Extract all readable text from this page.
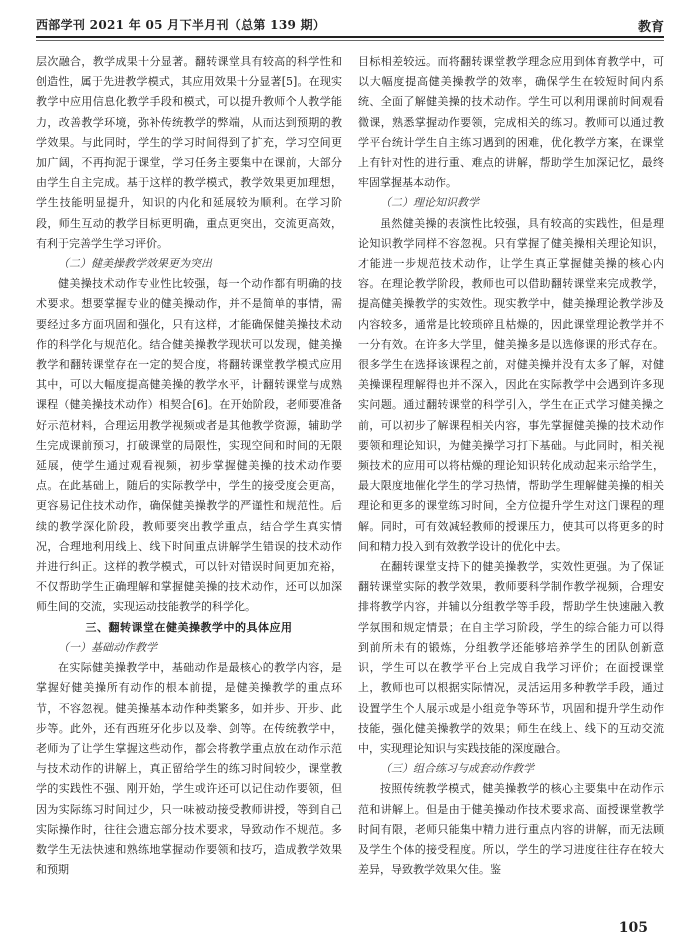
西部学刊 2021 年 05 月下半月刊（总第 139 期）	教育

层次融合，教学成果十分显著。翻转课堂具有较高的科学性和创造性，属于先进教学模式，其应用效果十分显著[5]。在现实教学中应用信息化教学手段和模式，可以提升教师个人教学能力，改善教学环境，弥补传统教学的弊端，从而达到预期的教学效果。与此同时，学生的学习时间得到了扩充，学习空间更加广阔，不再拘泥于课堂，学习任务主要集中在课前，大部分由学生自主完成。基于这样的教学模式，教学效果更加理想，学生技能明显提升，知识的内化和延展较为顺利。在学习阶段，师生互动的教学目标更明确，重点更突出，交流更高效，有利于完善学生学习评价。

（二）健美操教学效果更为突出

健美操技术动作专业性比较强，每一个动作都有明确的技术要求。想要掌握专业的健美操动作，并不是简单的事情，需要经过多方面巩固和强化，只有这样，才能确保健美操技术动作的科学化与规范化。结合健美操教学现状可以发现，健美操教学和翻转课堂存在一定的契合度，将翻转课堂教学模式应用其中，可以大幅度提高健美操的教学水平，计翻转课堂与成熟课程（健美操技术动作）相契合[6]。在开始阶段，老师要准备好示范材料，合理运用教学视频或者是其他教学资源，辅助学生完成课前预习，打破课堂的局限性，实现空间和时间的无限延展，使学生通过观看视频，初步掌握健美操的技术动作要点。在此基础上，随后的实际教学中，学生的接受度会更高，更容易记住技术动作，确保健美操教学的严谨性和规范性。后续的教学深化阶段，教师要突出教学重点，结合学生真实情况，合理地利用线上、线下时间重点讲解学生错误的技术动作并进行纠正。这样的教学模式，可以针对错误时间更加充裕，不仅帮助学生正确理解和掌握健美操的技术动作，还可以加深师生间的交流，实现运动技能教学的科学化。

三、翻转课堂在健美操教学中的具体应用

（一）基础动作教学

在实际健美操教学中，基础动作是最核心的教学内容，是掌握好健美操所有动作的根本前提，是健美操教学的重点环节，不容忽视。健美操基本动作种类繁多，如并步、开步、此步等。此外，还有西班牙化步以及拳、剑等。在传统教学中，老师为了让学生掌握这些动作，都会将教学重点放在动作示范与技术动作的讲解上，真正留给学生的练习时间较少，课堂教学的实践性不强、刚开始，学生或许还可以记住动作要领，但因为实际练习时间过少，只一味被动接受教师讲授，等到自己实际操作时，往往会遗忘部分技术要求，导致动作不规范。多数学生无法快速和熟练地掌握动作要领和技巧，造成教学效果和预期

目标相差较远。而将翻转课堂教学理念应用到体育教学中，可以大幅度提高健美操教学的效率，确保学生在较短时间内系统、全面了解健美操的技术动作。学生可以利用课前时间观看微课，熟悉掌握动作要领，完成相关的练习。教师可以通过教学平台统计学生自主练习遇到的困难，优化教学方案，在课堂上有针对性的进行重、难点的讲解，帮助学生加深记忆，最终牢固掌握基本动作。

（二）理论知识教学

虽然健美操的表演性比较强，具有较高的实践性，但是理论知识教学同样不容忽视。只有掌握了健美操相关理论知识，才能进一步规范技术动作，让学生真正掌握健美操的核心内容。在理论教学阶段，教师也可以借助翻转课堂来完成教学，提高健美操教学的实效性。现实教学中，健美操理论教学涉及内容较多，通常是比较琐碎且枯燥的，因此课堂理论教学并不一分有效。在许多大学里，健美操多是以选修课的形式存在。很多学生在选择该课程之前，对健美操并没有太多了解，对健美操课程理解得也并不深入，因此在实际教学中会遇到许多现实问题。通过翻转课堂的科学引入，学生在正式学习健美操之前，可以初步了解课程相关内容，事先掌握健美操的技术动作要领和理论知识，为健美操学习打下基础。与此同时，相关视频技术的应用可以将枯燥的理论知识转化成动起来示给学生，最大限度地催化学生的学习热情，帮助学生理解健美操的相关理论和更多的课堂练习时间，全方位提升学生对这门课程的理解。同时，可有效减轻教师的授课压力，使其可以将更多的时间和精力投入到有效教学设计的优化中去。

在翻转课堂支持下的健美操教学，实效性更强。为了保证翻转课堂实际的教学效果，教师要科学制作教学视频，合理安排将教学内容，并辅以分组教学等手段，帮助学生快速融入教学氛围和规定情景；在自主学习阶段，学生的综合能力可以得到前所未有的锻炼，分组教学还能够培养学生的团队创新意识，学生可以在教学平台上完成自我学习评价；在面授课堂上，教师也可以根据实际情况，灵活运用多种教学手段，通过设置学生个人展示或是小组竞争等环节，巩固和提升学生动作技能，强化健美操教学的效果；师生在线上、线下的互动交流中，实现理论知识与实践技能的深度融合。

（三）组合练习与成套动作教学

按照传统教学模式，健美操教学的核心主要集中在动作示范和讲解上。但是由于健美操动作技术要求高、面授课堂教学时间有限，老师只能集中精力进行重点内容的讲解，而无法顾及学生个体的接受程度。所以，学生的学习进度往往存在较大差异，导致教学效果欠佳。鉴

105
